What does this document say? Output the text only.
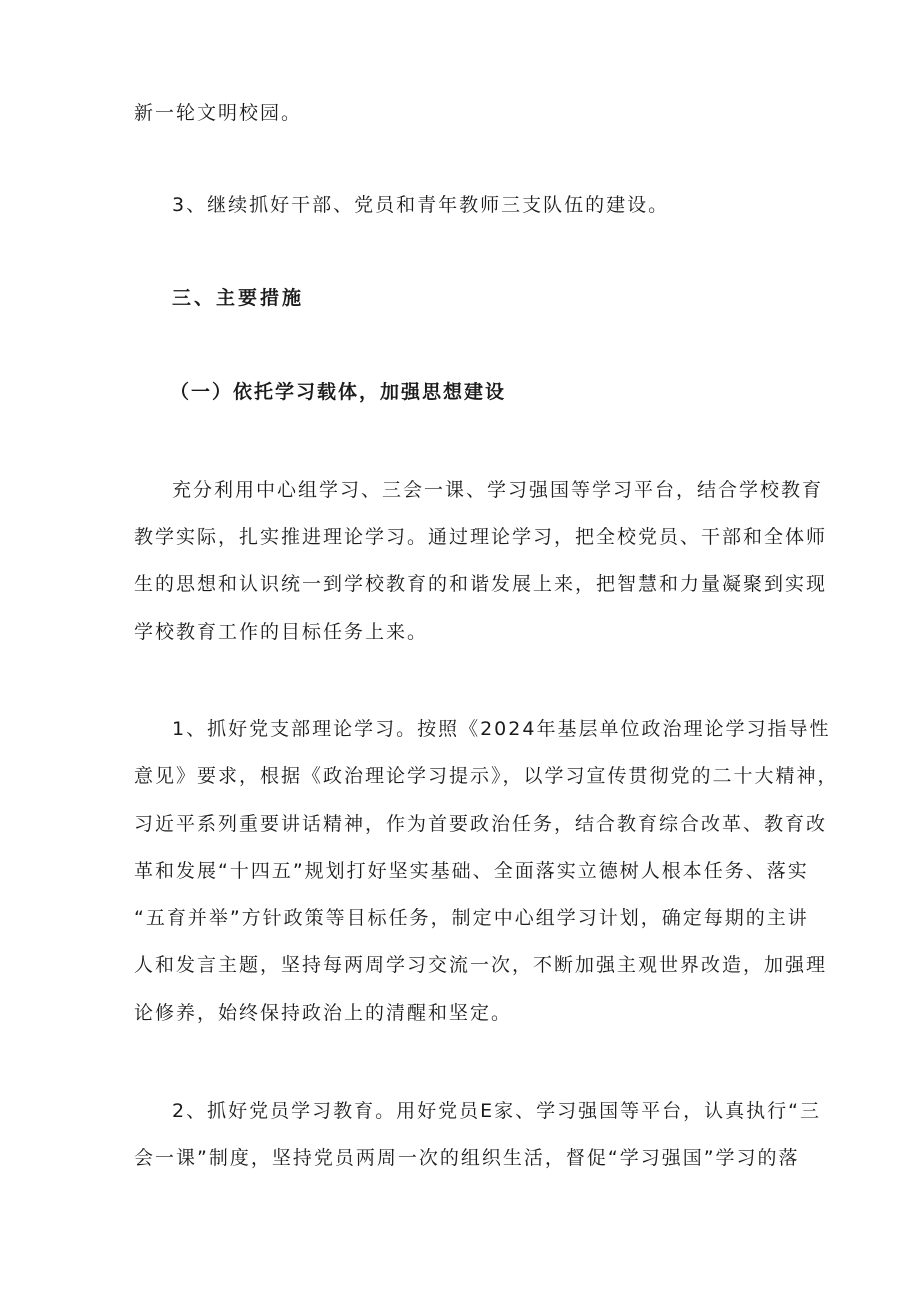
新一轮文明校园。
3、继续抓好干部、党员和青年教师三支队伍的建设。
三、主要措施
（一）依托学习载体，加强思想建设
充分利用中心组学习、三会一课、学习强国等学习平台，结合学校教育
教学实际，扎实推进理论学习。通过理论学习，把全校党员、干部和全体师
生的思想和认识统一到学校教育的和谐发展上来，把智慧和力量凝聚到实现
学校教育工作的目标任务上来。
1、抓好党支部理论学习。按照《2024年基层单位政治理论学习指导性
意见》要求，根据《政治理论学习提示》，以学习宣传贯彻党的二十大精神，
习近平系列重要讲话精神，作为首要政治任务，结合教育综合改革、教育改
革和发展“十四五”规划打好坚实基础、全面落实立德树人根本任务、落实
“五育并举”方针政策等目标任务，制定中心组学习计划，确定每期的主讲
人和发言主题，坚持每两周学习交流一次，不断加强主观世界改造，加强理
论修养，始终保持政治上的清醒和坚定。
2、抓好党员学习教育。用好党员E家、学习强国等平台，认真执行“三
会一课”制度，坚持党员两周一次的组织生活，督促“学习强国”学习的落
